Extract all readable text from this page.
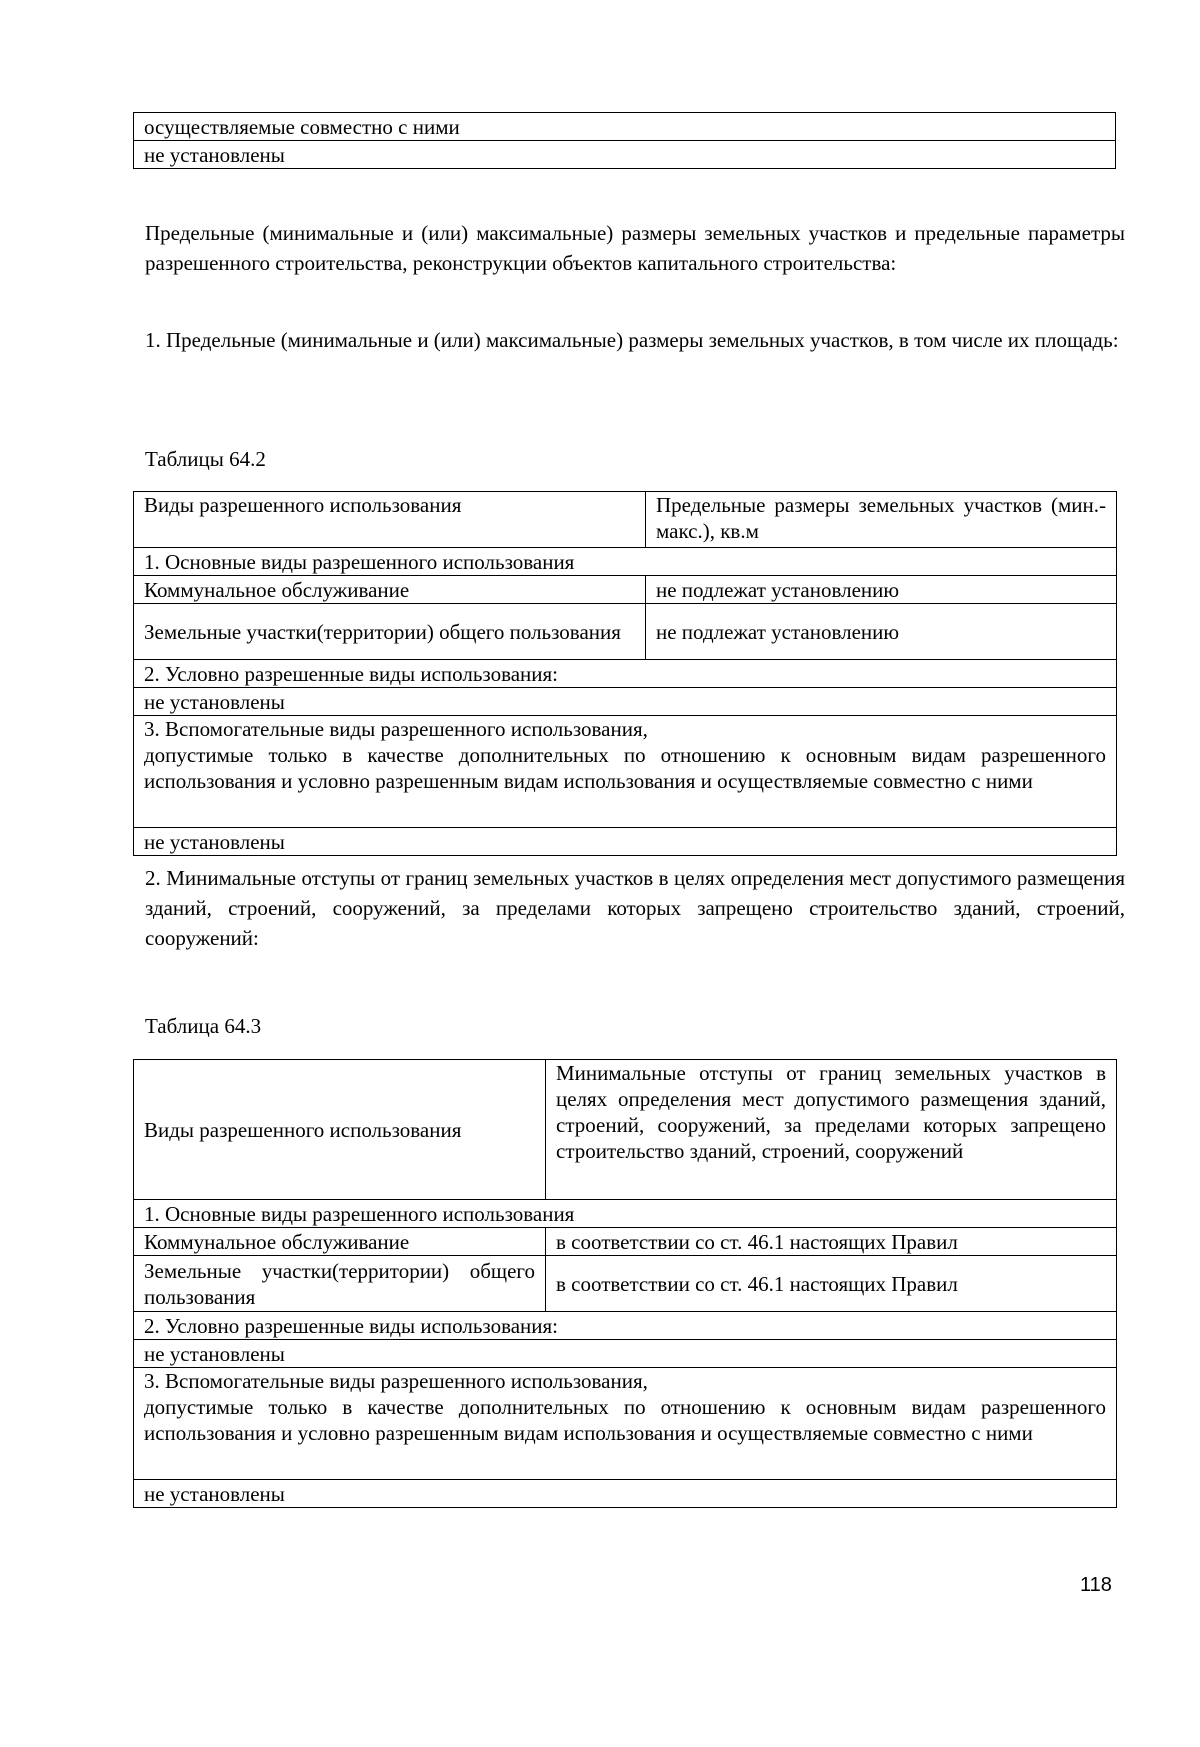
осуществляемые совместно с ними
не установлены
Предельные (минимальные и (или) максимальные) размеры земельных участков и предельные параметры разрешенного строительства, реконструкции объектов капитального строительства:
1. Предельные (минимальные и (или) максимальные) размеры земельных участков, в том числе их площадь:
Таблицы 64.2
Виды разрешенного использования	Предельные размеры земельных участков (мин.-макс.), кв.м
1. Основные виды разрешенного использования	
Коммунальное обслуживание	не подлежат установлению
Земельные участки(территории) общего пользования	не подлежат установлению
2. Условно разрешенные виды использования:	
не установлены	

3. Вспомогательные виды разрешенного использования,
допустимые только в качестве дополнительных по отношению к основным видам разрешенного использования и условно разрешенным видам использования и осуществляемые совместно с ними	

не установлены	
2. Минимальные отступы от границ земельных участков в целях определения мест допустимого размещения зданий, строений, сооружений, за пределами которых запрещено строительство зданий, строений, сооружений:
Таблица 64.3
Виды разрешенного использования	Минимальные отступы от границ земельных участков в целях определения мест допустимого размещения зданий, строений, сооружений, за пределами которых запрещено строительство зданий, строений, сооружений
1. Основные виды разрешенного использования	
Коммунальное обслуживание	в соответствии со ст. 46.1 настоящих Правил
Земельные участки(территории) общего пользования	в соответствии со ст. 46.1 настоящих Правил
2. Условно разрешенные виды использования:	
не установлены	

3. Вспомогательные виды разрешенного использования,
допустимые только в качестве дополнительных по отношению к основным видам разрешенного использования и условно разрешенным видам использования и осуществляемые совместно с ними	

не установлены	
118
